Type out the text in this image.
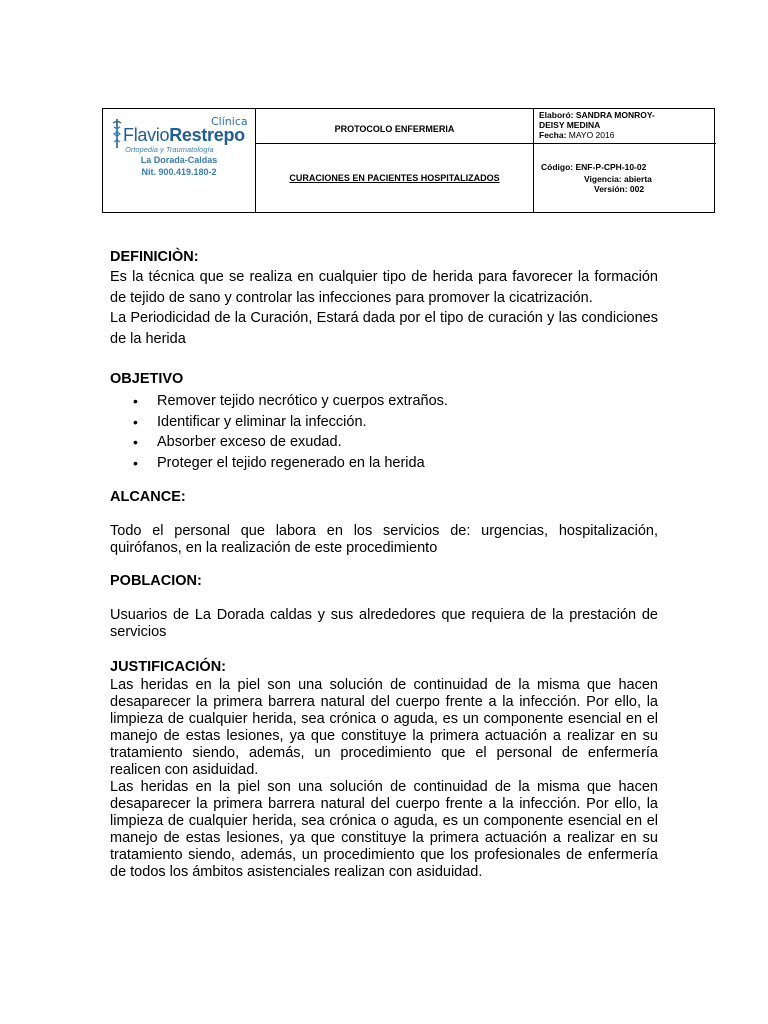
Clínica
FlavioRestrepo
Ortopedia y Traumatología
La Dorada-Caldas
Nit. 900.419.180-2
PROTOCOLO ENFERMERIA
CURACIONES EN PACIENTES HOSPITALIZADOS
Elaboró: SANDRA MONROY-
DEISY MEDINA
Fecha: MAYO 2016
Código: ENF-P-CPH-10-02
Vigencia: abierta
Versión: 002

DEFINICIÒN:

Es la técnica que se realiza en cualquier tipo de herida para favorecer la formación de tejido de sano y controlar las infecciones para promover la cicatrización.

La Periodicidad de la Curación, Estará dada por el tipo de curación y las condiciones de la herida

OBJETIVO

• Remover tejido necrótico y cuerpos extraños.
• Identificar y eliminar la infección.
• Absorber exceso de exudad.
• Proteger el tejido regenerado en la herida

ALCANCE:

Todo el personal que labora en los servicios de: urgencias, hospitalización, quirófanos, en la realización de este procedimiento

POBLACION:

Usuarios de La Dorada caldas y sus alrededores que requiera de la prestación de servicios

JUSTIFICACIÓN:

Las heridas en la piel son una solución de continuidad de la misma que hacen desaparecer la primera barrera natural del cuerpo frente a la infección. Por ello, la limpieza de cualquier herida, sea crónica o aguda, es un componente esencial en el manejo de estas lesiones, ya que constituye la primera actuación a realizar en su tratamiento siendo, además, un procedimiento que el personal de enfermería realicen con asiduidad.

Las heridas en la piel son una solución de continuidad de la misma que hacen desaparecer la primera barrera natural del cuerpo frente a la infección. Por ello, la limpieza de cualquier herida, sea crónica o aguda, es un componente esencial en el manejo de estas lesiones, ya que constituye la primera actuación a realizar en su tratamiento siendo, además, un procedimiento que los profesionales de enfermería de todos los ámbitos asistenciales realizan con asiduidad.
